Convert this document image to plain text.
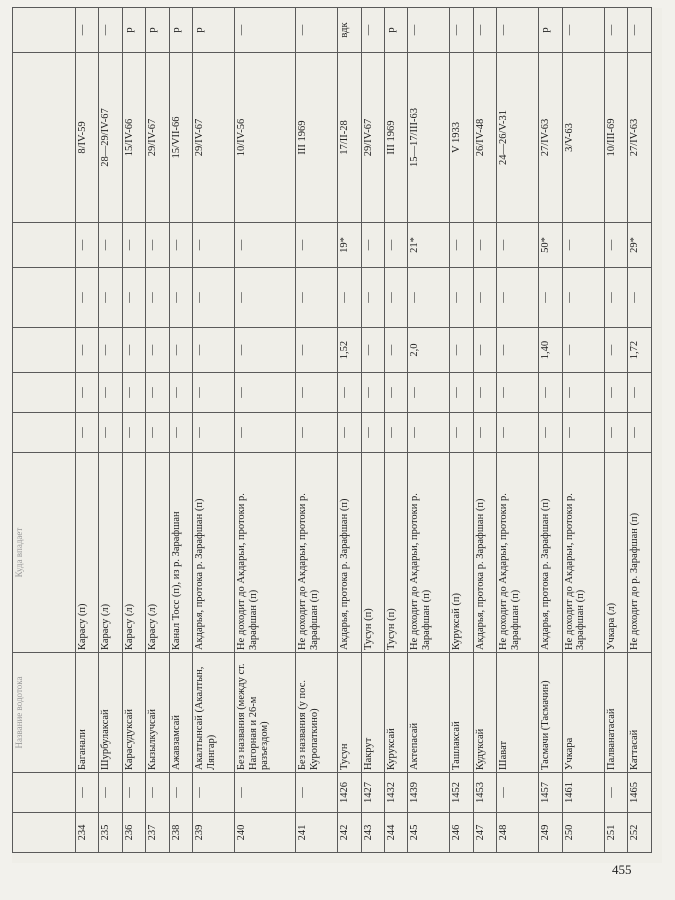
		Название водотока	Куда впадает							
234	—	Баганали	Карасу (п)	—	—	—	—	—	8/IV-59	—
235	—	Шурбулаксай	Карасу (л)	—	—	—	—	—	28—29/IV-67	—
236	—	Карасудуксай	Карасу (л)	—	—	—	—	—	15/IV-66	р
237	—	Кызылкучсай	Карасу (л)	—	—	—	—	—	29/IV-67	р
238	—	Ажавзамсай	Канал Тосс (п), из р. Зарафшан	—	—	—	—	—	15/VII-66	р
239	—	Акалтынсай (Акалтын, Лянгар)	Акдарья, протока р. Зарафшан (п)	—	—	—	—	—	29/IV-67	р
240	—	Без названия (между ст. Нагорная и 26-м разъездом)	Не доходит до Акдарьи, протоки р. Зарафшан (п)	—	—	—	—	—	10/IV-56	—
241	—	Без названия (у пос. Куропаткино)	Не доходит до Акдарьи, протоки р. Зарафшан (п)	—	—	—	—	—	III 1969	—
242	1426	Тусун	Акдарья, протока р. Зарафшан (п)	—	—	1,52	—	19*	17/II-28	вдк
243	1427	Накрут	Тусун (п)	—	—	—	—	—	29/IV-67	—
244	1432	Куруксай	Тусун (п)	—	—	—	—	—	III 1969	р
245	1439	Актепасай	Не доходит до Акдарьи, протоки р. Зарафшан (п)	—	—	2,0	—	21*	15—17/III-63	—
246	1452	Ташлаксай	Куруксай (п)	—	—	—	—	—	V 1933	—
247	1453	Кудуксай	Акдарья, протока р. Зарафшан (п)	—	—	—	—	—	26/IV-48	—
248	—	Шават	Не доходит до Акдарьи, протоки р. Зарафшан (п)	—	—	—	—	—	24—26/V-31	—
249	1457	Тасмачи (Тасмачин)	Акдарья, протока р. Зарафшан (п)	—	—	1,40	—	50*	27/IV-63	р
250	1461	Учкара	Не доходит до Акдарьи, протоки р. Зарафшан (п)	—	—	—	—	—	3/V-63	—
251	—	Палванатасай	Учкара (л)	—	—	—	—	—	10/III-69	—
252	1465	Каттасай	Не доходит до р. Зарафшан (п)	—	—	1,72	—	29*	27/IV-63	—
455
